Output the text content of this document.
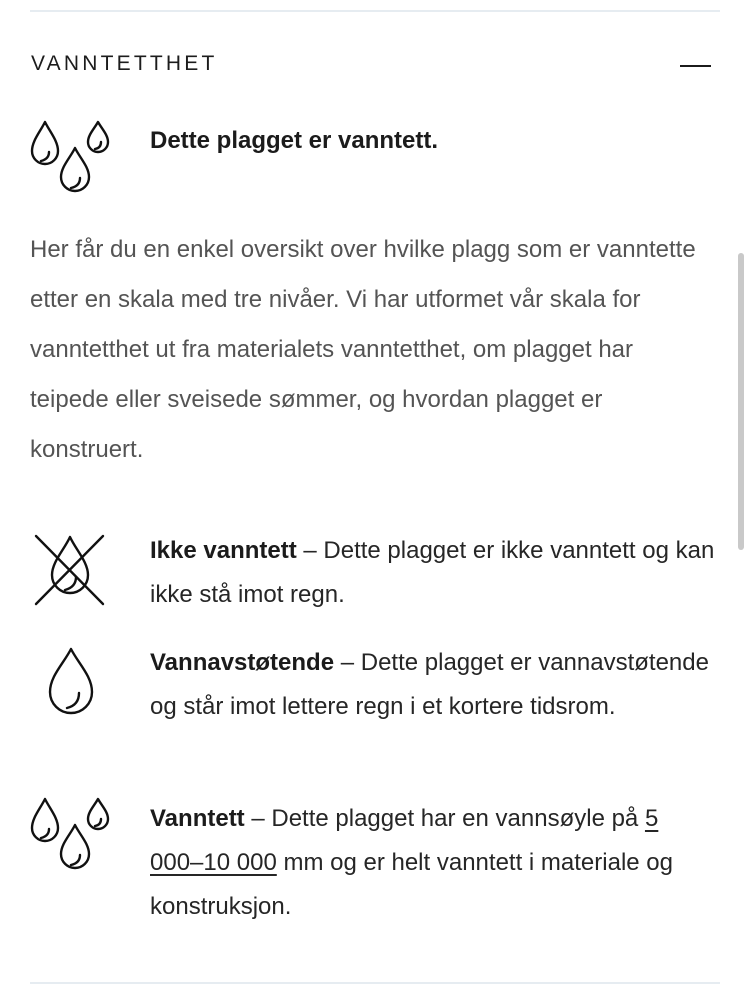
VANNTETTHET
Dette plagget er vanntett.

Her får du en enkel oversikt over hvilke plagg som er vanntette etter en skala med tre nivåer. Vi har utformet vår skala for vanntetthet ut fra materialets vanntetthet, om plagget har teipede eller sveisede sømmer, og hvordan plagget er konstruert.

Ikke vanntett – Dette plagget er ikke vanntett og kan ikke stå imot regn.

Vannavstøtende – Dette plagget er vannavstøtende og står imot lettere regn i et kortere tidsrom.

Vanntett – Dette plagget har en vannsøyle på 5 000–10 000 mm og er helt vanntett i materiale og konstruksjon.
